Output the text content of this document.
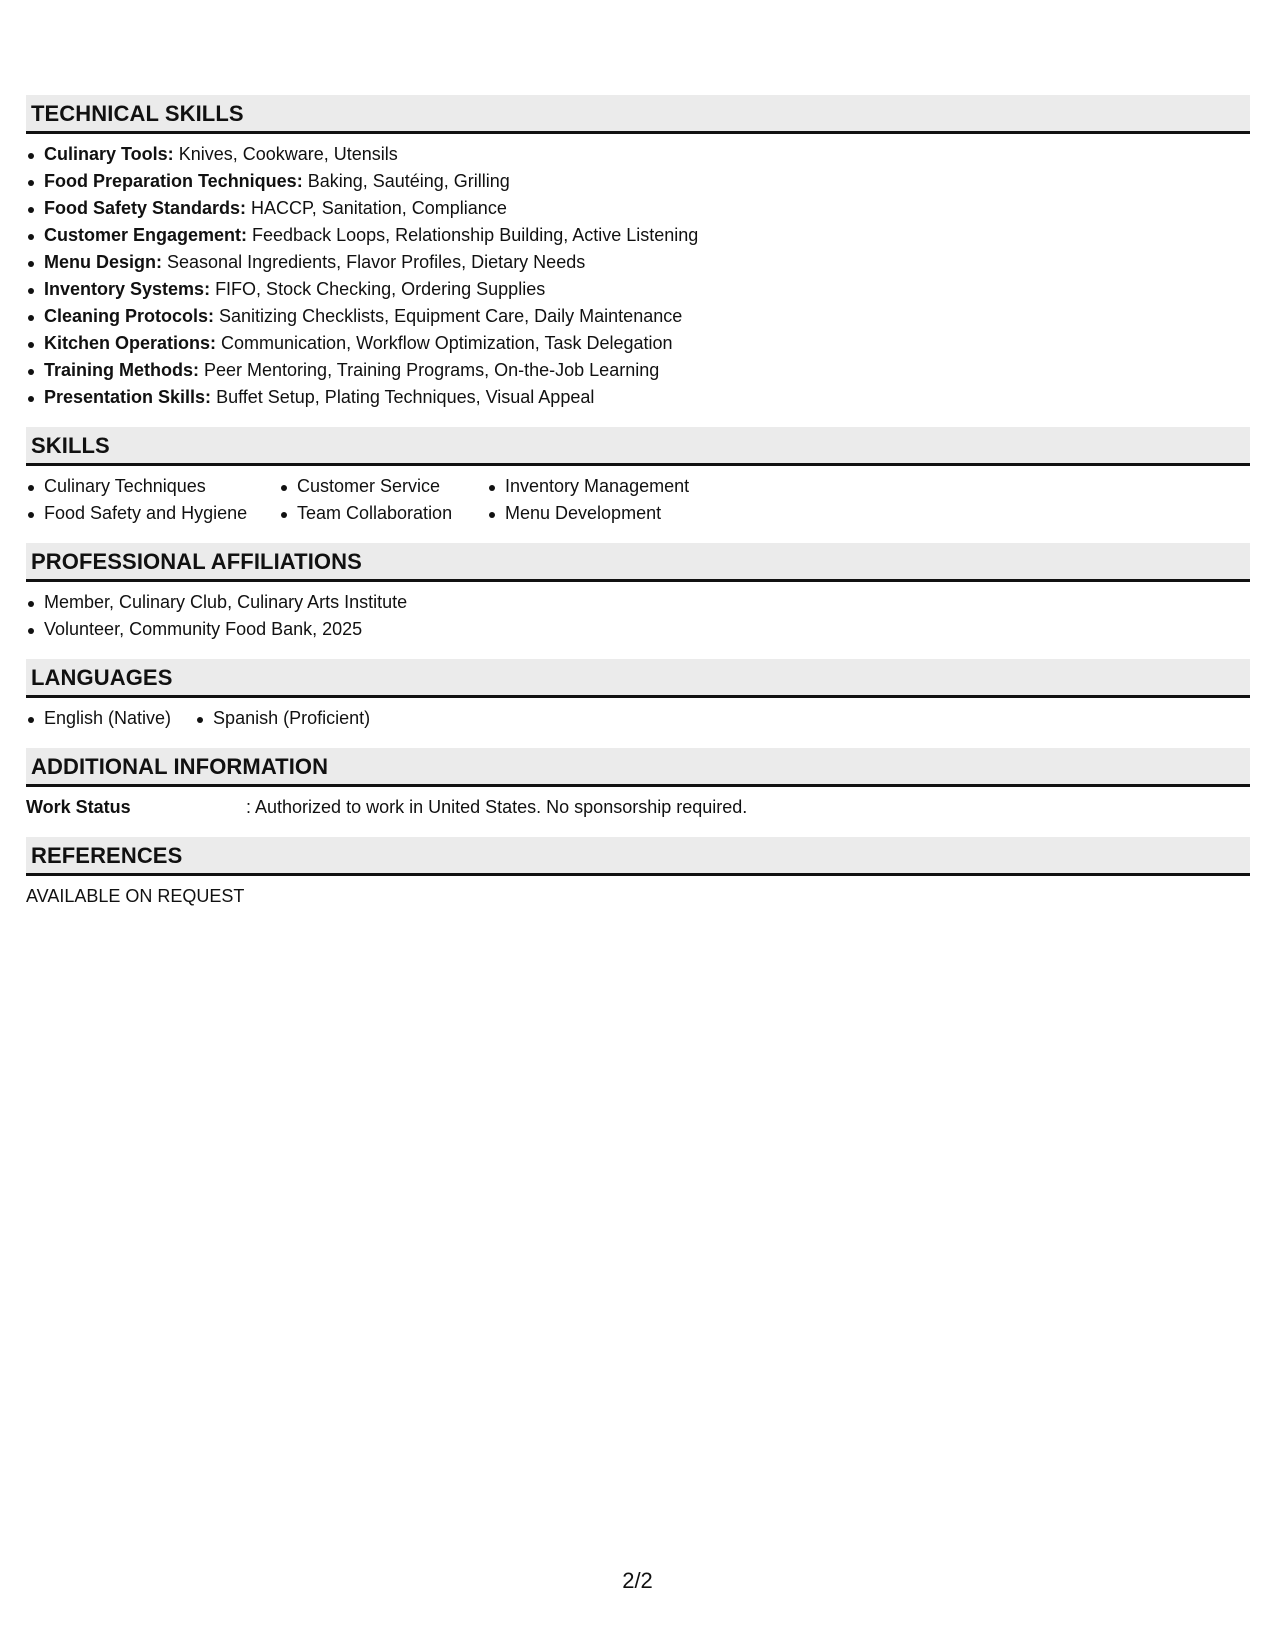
TECHNICAL SKILLS
Culinary Tools: Knives, Cookware, Utensils
Food Preparation Techniques: Baking, Sautéing, Grilling
Food Safety Standards: HACCP, Sanitation, Compliance
Customer Engagement: Feedback Loops, Relationship Building, Active Listening
Menu Design: Seasonal Ingredients, Flavor Profiles, Dietary Needs
Inventory Systems: FIFO, Stock Checking, Ordering Supplies
Cleaning Protocols: Sanitizing Checklists, Equipment Care, Daily Maintenance
Kitchen Operations: Communication, Workflow Optimization, Task Delegation
Training Methods: Peer Mentoring, Training Programs, On-the-Job Learning
Presentation Skills: Buffet Setup, Plating Techniques, Visual Appeal
SKILLS
Culinary Techniques	Customer Service	Inventory Management
Food Safety and Hygiene	Team Collaboration	Menu Development
PROFESSIONAL AFFILIATIONS
Member, Culinary Club, Culinary Arts Institute
Volunteer, Community Food Bank, 2025
LANGUAGES
English (Native)	Spanish (Proficient)
ADDITIONAL INFORMATION
Work Status	: Authorized to work in United States. No sponsorship required.
REFERENCES
AVAILABLE ON REQUEST
2/2
